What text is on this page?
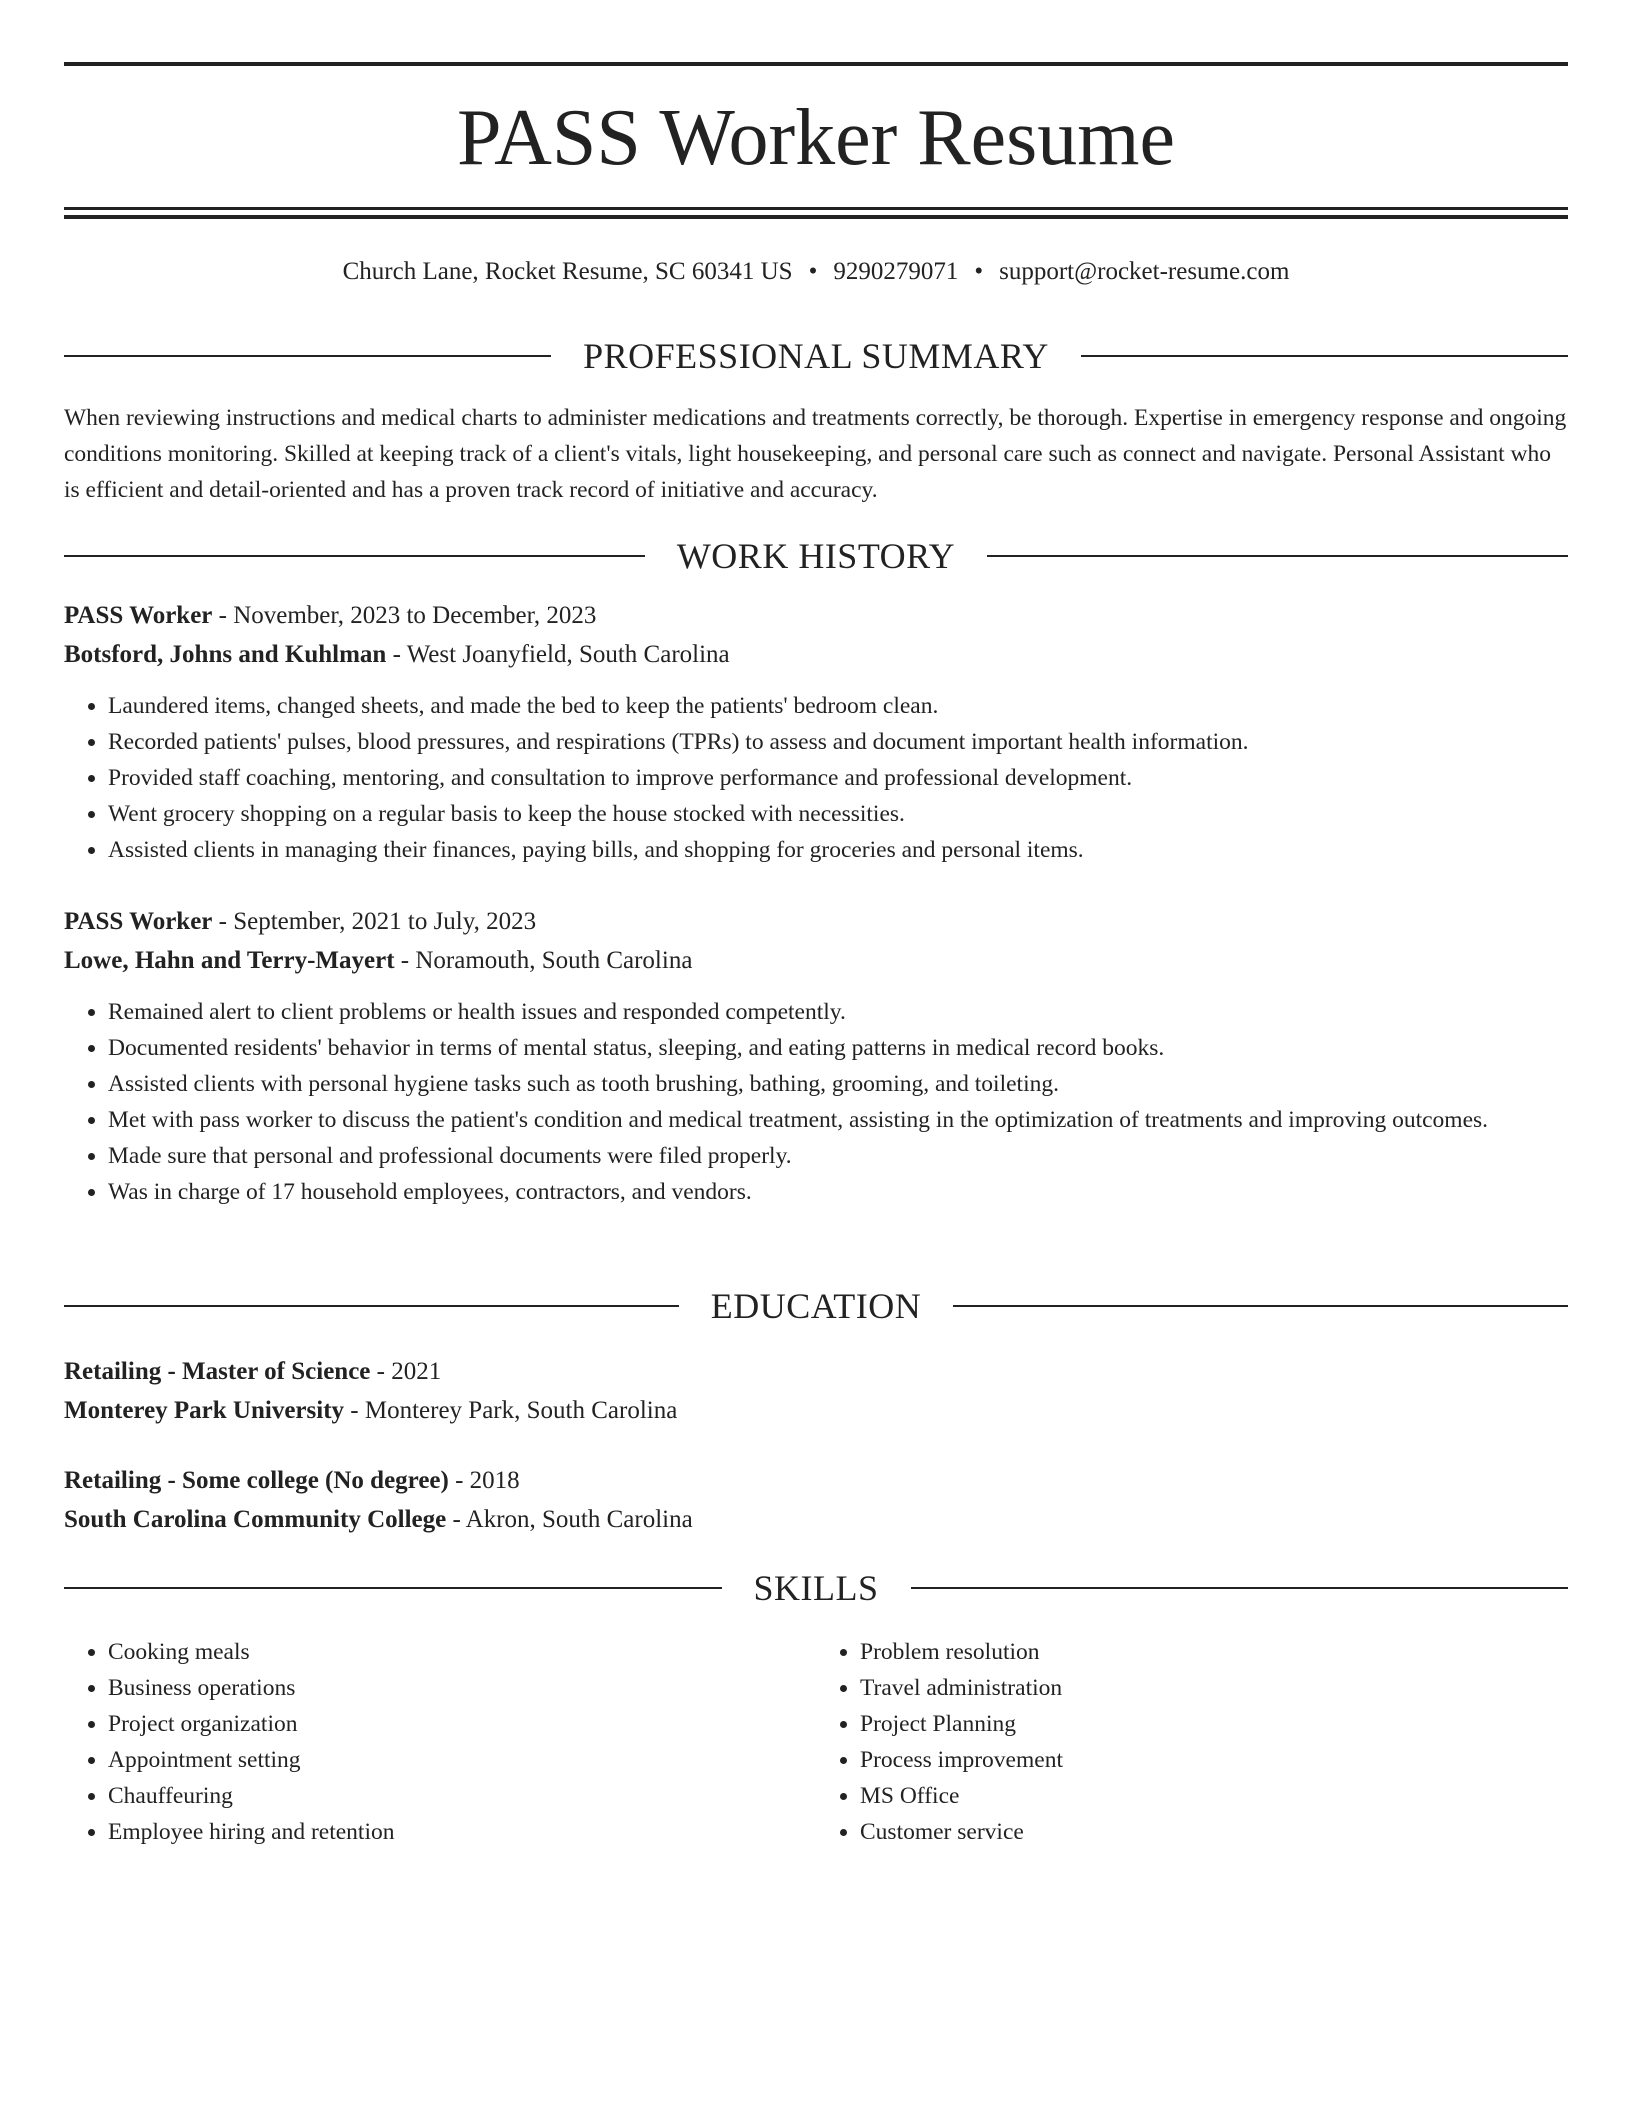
PASS Worker Resume
Church Lane, Rocket Resume, SC 60341 US • 9290279071 • support@rocket-resume.com
PROFESSIONAL SUMMARY

When reviewing instructions and medical charts to administer medications and treatments correctly, be thorough. Expertise in emergency response and ongoing conditions monitoring. Skilled at keeping track of a client's vitals, light housekeeping, and personal care such as connect and navigate. Personal Assistant who is efficient and detail-oriented and has a proven track record of initiative and accuracy.

WORK HISTORY
PASS Worker - November, 2023 to December, 2023
Botsford, Johns and Kuhlman - West Joanyfield, South Carolina
• Laundered items, changed sheets, and made the bed to keep the patients' bedroom clean.
• Recorded patients' pulses, blood pressures, and respirations (TPRs) to assess and document important health information.
• Provided staff coaching, mentoring, and consultation to improve performance and professional development.
• Went grocery shopping on a regular basis to keep the house stocked with necessities.
• Assisted clients in managing their finances, paying bills, and shopping for groceries and personal items.
PASS Worker - September, 2021 to July, 2023
Lowe, Hahn and Terry-Mayert - Noramouth, South Carolina
• Remained alert to client problems or health issues and responded competently.
• Documented residents' behavior in terms of mental status, sleeping, and eating patterns in medical record books.
• Assisted clients with personal hygiene tasks such as tooth brushing, bathing, grooming, and toileting.
• Met with pass worker to discuss the patient's condition and medical treatment, assisting in the optimization of treatments and improving outcomes.
• Made sure that personal and professional documents were filed properly.
• Was in charge of 17 household employees, contractors, and vendors.
EDUCATION
Retailing - Master of Science - 2021
Monterey Park University - Monterey Park, South Carolina
Retailing - Some college (No degree) - 2018
South Carolina Community College - Akron, South Carolina
SKILLS
• Cooking meals
• Business operations
• Project organization
• Appointment setting
• Chauffeuring
• Employee hiring and retention
• Problem resolution
• Travel administration
• Project Planning
• Process improvement
• MS Office
• Customer service
